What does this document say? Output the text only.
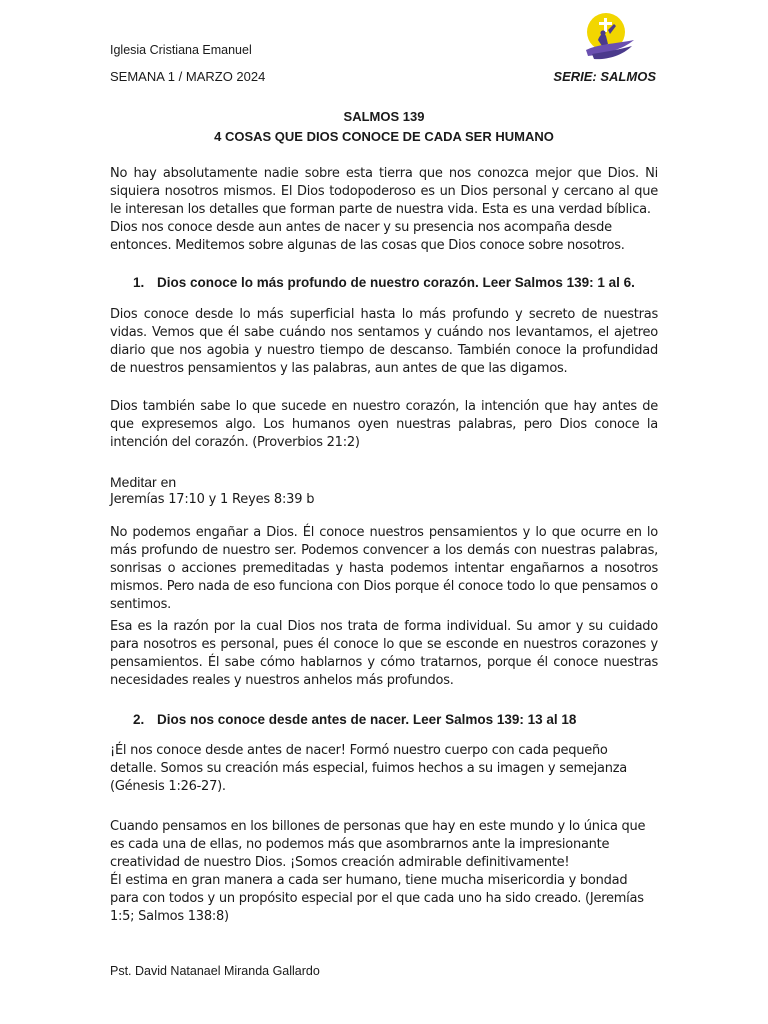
Iglesia Cristiana Emanuel
SEMANA 1 / MARZO 2024	SERIE: SALMOS
SALMOS 139
4 COSAS QUE DIOS CONOCE DE CADA SER HUMANO
No hay absolutamente nadie sobre esta tierra que nos conozca mejor que Dios. Ni siquiera nosotros mismos. El Dios todopoderoso es un Dios personal y cercano al que le interesan los detalles que forman parte de nuestra vida. Esta es una verdad bíblica.
Dios nos conoce desde aun antes de nacer y su presencia nos acompaña desde entonces. Meditemos sobre algunas de las cosas que Dios conoce sobre nosotros.
1. Dios conoce lo más profundo de nuestro corazón. Leer Salmos 139: 1 al 6.
Dios conoce desde lo más superficial hasta lo más profundo y secreto de nuestras vidas. Vemos que él sabe cuándo nos sentamos y cuándo nos levantamos, el ajetreo diario que nos agobia y nuestro tiempo de descanso. También conoce la profundidad de nuestros pensamientos y las palabras, aun antes de que las digamos.
Dios también sabe lo que sucede en nuestro corazón, la intención que hay antes de que expresemos algo. Los humanos oyen nuestras palabras, pero Dios conoce la intención del corazón. (Proverbios 21:2)
Meditar en
Jeremías 17:10 y 1 Reyes 8:39 b
No podemos engañar a Dios. Él conoce nuestros pensamientos y lo que ocurre en lo más profundo de nuestro ser. Podemos convencer a los demás con nuestras palabras, sonrisas o acciones premeditadas y hasta podemos intentar engañarnos a nosotros mismos. Pero nada de eso funciona con Dios porque él conoce todo lo que pensamos o sentimos.
Esa es la razón por la cual Dios nos trata de forma individual. Su amor y su cuidado para nosotros es personal, pues él conoce lo que se esconde en nuestros corazones y pensamientos. Él sabe cómo hablarnos y cómo tratarnos, porque él conoce nuestras necesidades reales y nuestros anhelos más profundos.
2. Dios nos conoce desde antes de nacer. Leer Salmos 139: 13 al 18
¡Él nos conoce desde antes de nacer! Formó nuestro cuerpo con cada pequeño detalle. Somos su creación más especial, fuimos hechos a su imagen y semejanza (Génesis 1:26-27).
Cuando pensamos en los billones de personas que hay en este mundo y lo única que es cada una de ellas, no podemos más que asombrarnos ante la impresionante creatividad de nuestro Dios. ¡Somos creación admirable definitivamente!
Él estima en gran manera a cada ser humano, tiene mucha misericordia y bondad para con todos y un propósito especial por el que cada uno ha sido creado. (Jeremías 1:5; Salmos 138:8)
Pst. David Natanael Miranda Gallardo
